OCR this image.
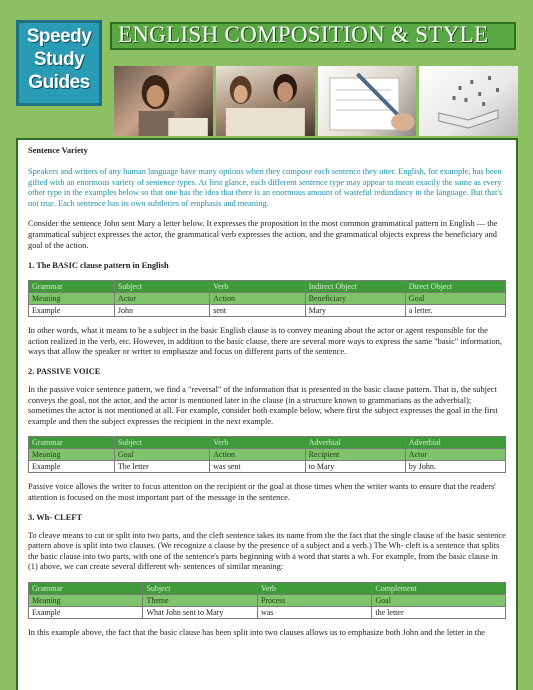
Speedy
Study
Guides
ENGLISH COMPOSITION & STYLE

Sentence Variety

Speakers and writers of any human language have many options when they compose each sentence they utter. English, for example, has been gifted with an enormous variety of sentence types. At first glance, each different sentence type may appear to mean exactly the same as every other type in the examples below so that one has the idea that there is an enormous amount of wasteful redundancy in the language. But that's not true. Each sentence has its own subtleties of emphasis and meaning.

Consider the sentence John sent Mary a letter below. It expresses the proposition in the most common grammatical pattern in English — the grammatical subject expresses the actor, the grammatical verb expresses the action, and the grammatical objects express the beneficiary and goal of the action.

1. The BASIC clause pattern in English

Grammar	Subject	Verb	Indirect Object	Direct Object
Meaning	Actor	Action	Beneficiary	Goal
Example	John	sent	Mary	a letter.

In other words, what it means to be a subject in the basic English clause is to convey meaning about the actor or agent responsible for the action realized in the verb, etc. However, in addition to the basic clause, there are several more ways to express the same "basic" information, ways that allow the speaker or writer to emphasize and focus on different parts of the sentence.

2. PASSIVE VOICE

In the passive voice sentence pattern, we find a "reversal" of the information that is presented in the basic clause pattern. That is, the subject conveys the goal, not the actor, and the actor is mentioned later in the clause (in a structure known to grammarians as the adverbial); sometimes the actor is not mentioned at all. For example, consider both example below, where first the subject expresses the goal in the first example and then the subject expresses the recipient in the next example.

Grammar	Subject	Verb	Adverbial	Adverbial
Meaning	Goal	Action	Recipient	Actor
Example	The letter	was sent	to Mary	by John.

Passive voice allows the writer to focus attention on the recipient or the goal at those times when the writer wants to ensure that the readers' attention is focused on the most important part of the message in the sentence.

3. Wh- CLEFT

To cleave means to cut or split into two parts, and the cleft sentence takes its name from the the fact that the single clause of the basic sentence pattern above is split into two clauses. (We recognize a clause by the presence of a subject and a verb.) The Wh- cleft is a sentence that splits the basic clause into two parts, with one of the sentence's parts beginning with a word that starts a wh. For example, from the basic clause in (1) above, we can create several different wh- sentences of similar meaning:

Grammar	Subject	Verb	Complement
Meaning	Theme	Process	Goal
Example	What John sent to Mary	was	the letter

In this example above, the fact that the basic clause has been split into two clauses allows us to emphasize both John and the letter in the
